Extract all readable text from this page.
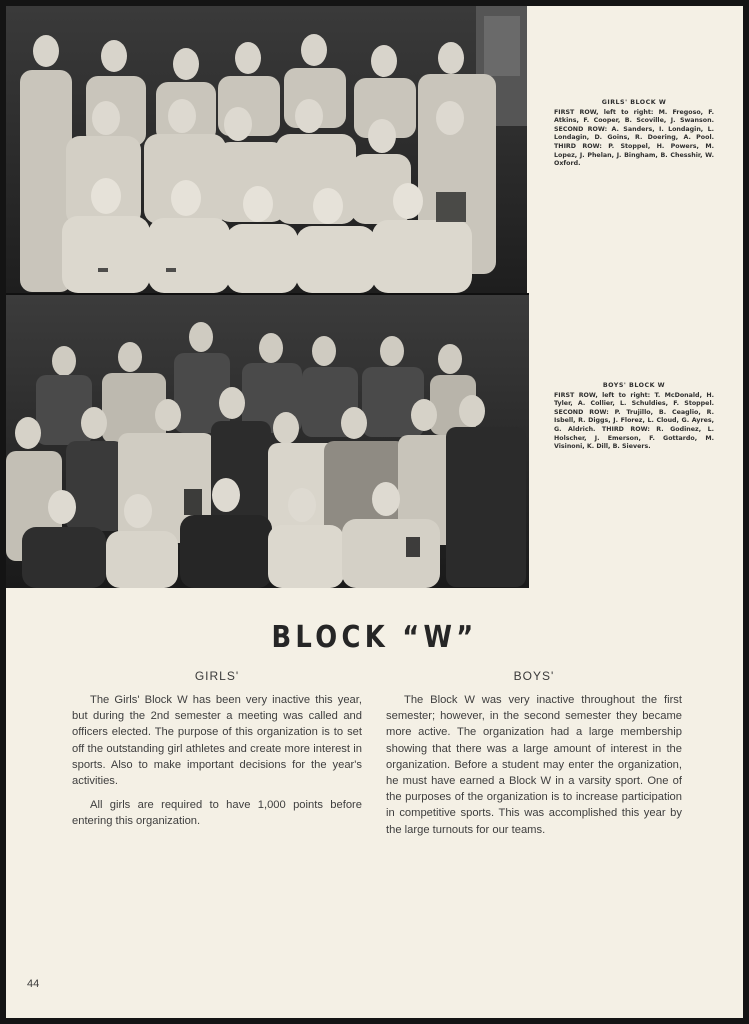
GIRLS' BLOCK W
FIRST ROW, left to right: M. Fregoso, F. Atkins, F. Cooper, B. Scoville, J. Swanson. SECOND ROW: A. Sanders, I. Londagin, L. Londagin, D. Goins, R. Doering, A. Pool. THIRD ROW: P. Stoppel, H. Powers, M. Lopez, J. Phelan, J. Bingham, B. Chesshir, W. Oxford.
BOYS' BLOCK W
FIRST ROW, left to right: T. McDonald, H. Tyler, A. Collier, L. Schuldies, F. Stoppel. SECOND ROW: P. Trujillo, B. Ceaglio, R. Isbell, R. Diggs, J. Florez, L. Cloud, G. Ayres, G. Aldrich. THIRD ROW: R. Godinez, L. Holscher, J. Emerson, F. Gottardo, M. Visinoni, K. Dill, B. Sievers.
BLOCK “W”
GIRLS'

The Girls' Block W has been very inactive this year, but during the 2nd semester a meeting was called and officers elected. The purpose of this organization is to set off the outstanding girl athletes and create more interest in sports. Also to make important decisions for the year's activities.

All girls are required to have 1,000 points before entering this organization.

BOYS'

The Block W was very inactive throughout the first semester; however, in the second semester they became more active. The organization had a large membership showing that there was a large amount of interest in the organization. Before a student may enter the organization, he must have earned a Block W in a varsity sport. One of the purposes of the organization is to increase participation in competitive sports. This was accomplished this year by the large turnouts for our teams.

44
